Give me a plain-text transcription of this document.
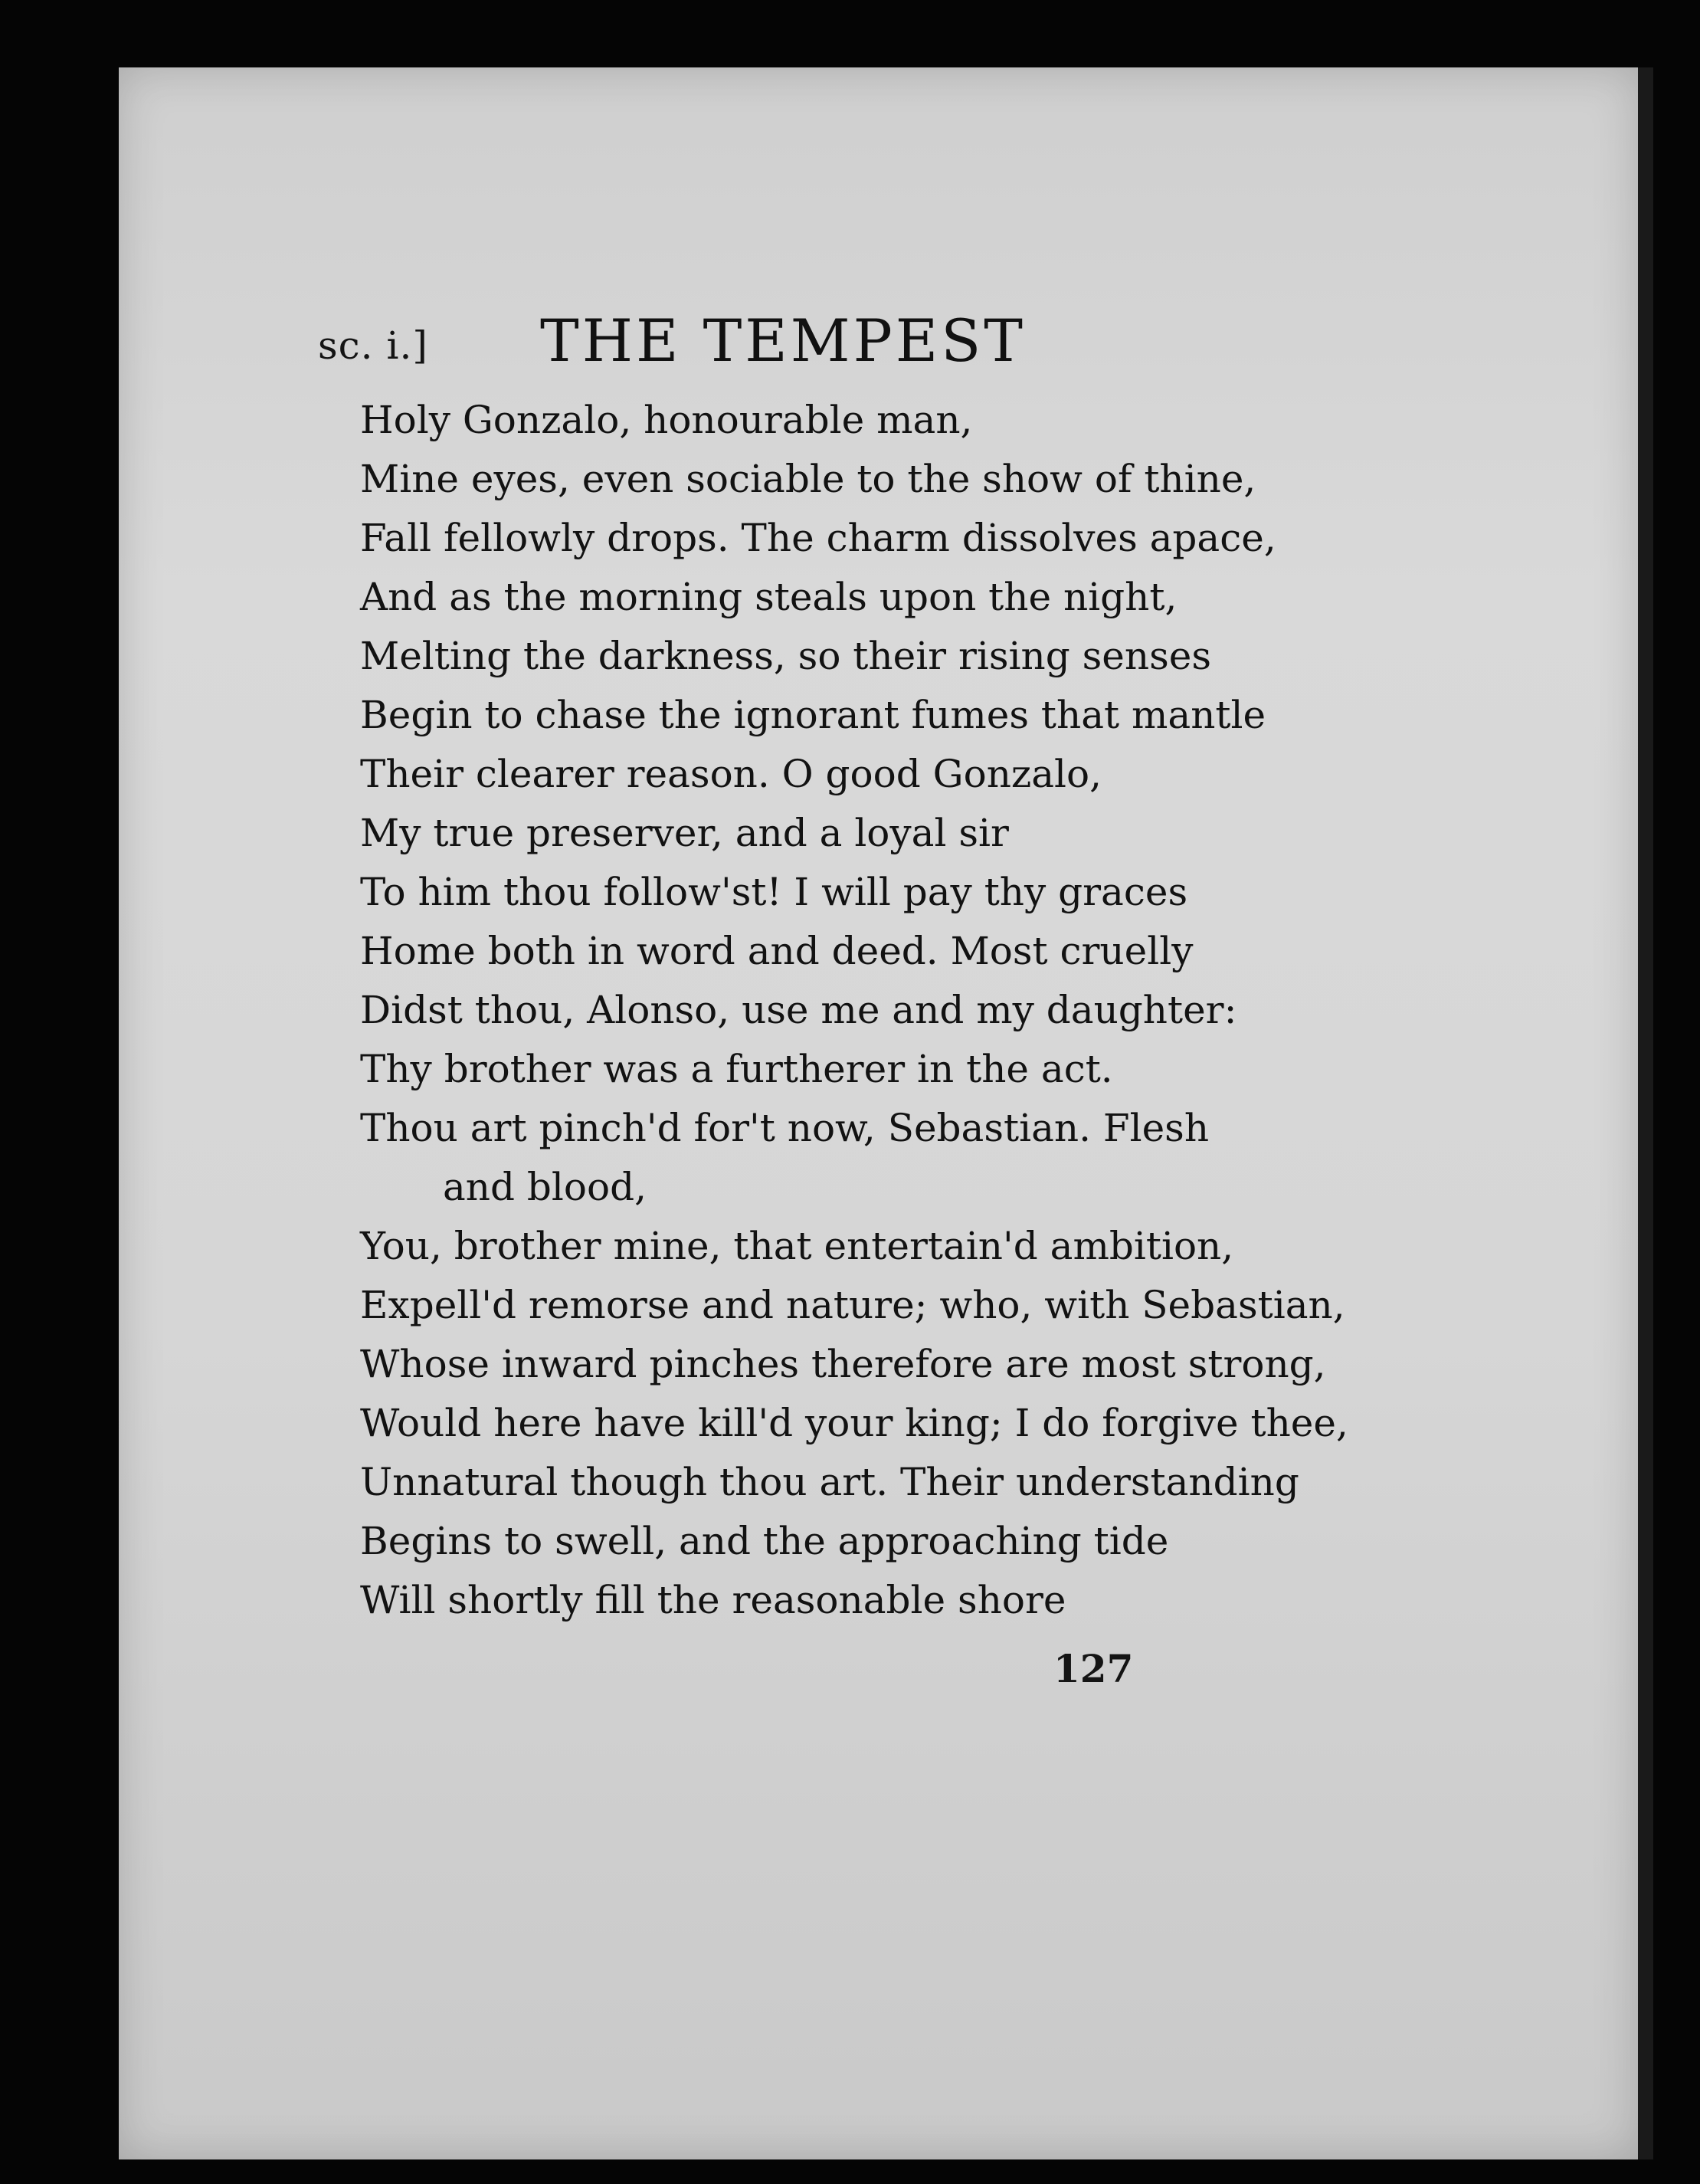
sc. i.] THE TEMPEST
Holy Gonzalo, honourable man,
Mine eyes, even sociable to the show of thine,
Fall fellowly drops. The charm dissolves apace,
And as the morning steals upon the night,
Melting the darkness, so their rising senses
Begin to chase the ignorant fumes that mantle
Their clearer reason. O good Gonzalo,
My true preserver, and a loyal sir
To him thou follow'st! I will pay thy graces
Home both in word and deed. Most cruelly
Didst thou, Alonso, use me and my daughter:
Thy brother was a furtherer in the act.
Thou art pinch'd for't now, Sebastian. Flesh
and blood,
You, brother mine, that entertain'd ambition,
Expell'd remorse and nature; who, with Sebastian,
Whose inward pinches therefore are most strong,
Would here have kill'd your king; I do forgive thee,
Unnatural though thou art. Their understanding
Begins to swell, and the approaching tide
Will shortly fill the reasonable shore
127
